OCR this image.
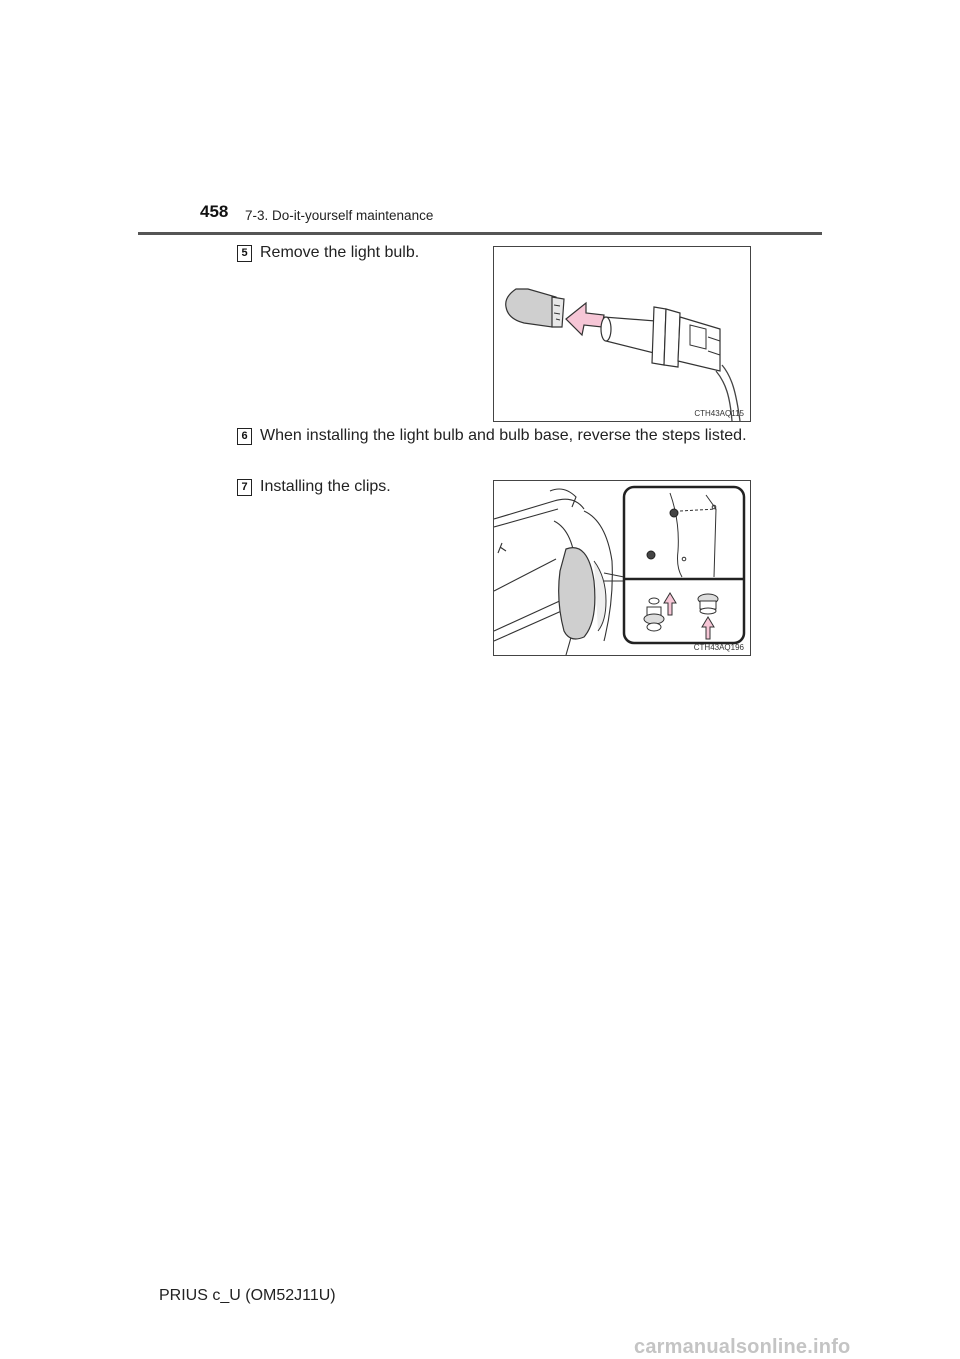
458 7-3. Do-it-yourself maintenance
5 Remove the light bulb.
CTH43AQ115
6 When installing the light bulb and bulb base, reverse the steps listed.
7 Installing the clips.
CTH43AQ196
PRIUS c_U (OM52J11U)
carmanualsonline.info
